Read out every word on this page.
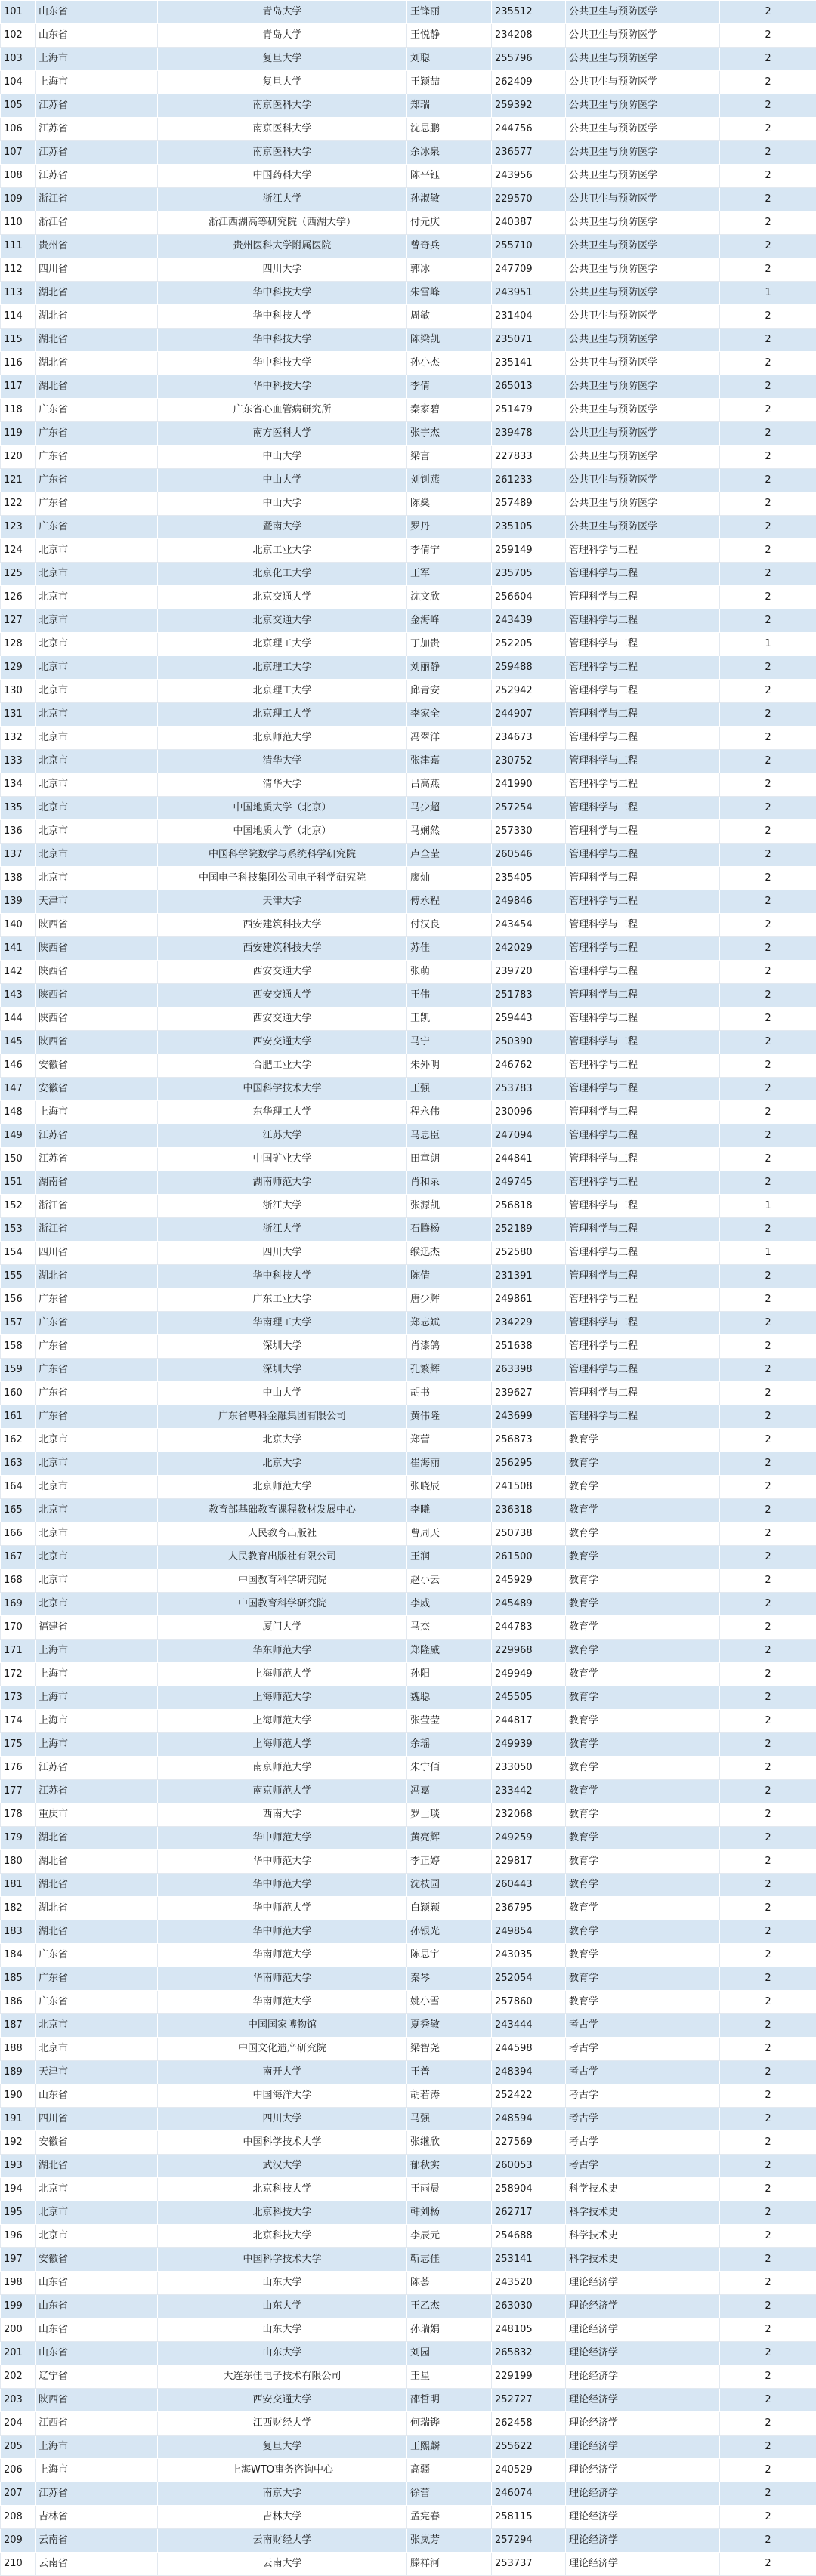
101	山东省	青岛大学	王锋丽	235512	公共卫生与预防医学	2
102	山东省	青岛大学	王悦静	234208	公共卫生与预防医学	2
103	上海市	复旦大学	刘聪	255796	公共卫生与预防医学	2
104	上海市	复旦大学	王颖喆	262409	公共卫生与预防医学	2
105	江苏省	南京医科大学	郑瑞	259392	公共卫生与预防医学	2
106	江苏省	南京医科大学	沈思鹏	244756	公共卫生与预防医学	2
107	江苏省	南京医科大学	余冰泉	236577	公共卫生与预防医学	2
108	江苏省	中国药科大学	陈平钰	243956	公共卫生与预防医学	2
109	浙江省	浙江大学	孙淑敏	229570	公共卫生与预防医学	2
110	浙江省	浙江西湖高等研究院（西湖大学）	付元庆	240387	公共卫生与预防医学	2
111	贵州省	贵州医科大学附属医院	曾奇兵	255710	公共卫生与预防医学	2
112	四川省	四川大学	郭冰	247709	公共卫生与预防医学	2
113	湖北省	华中科技大学	朱雪峰	243951	公共卫生与预防医学	1
114	湖北省	华中科技大学	周敏	231404	公共卫生与预防医学	2
115	湖北省	华中科技大学	陈梁凯	235071	公共卫生与预防医学	2
116	湖北省	华中科技大学	孙小杰	235141	公共卫生与预防医学	2
117	湖北省	华中科技大学	李倩	265013	公共卫生与预防医学	2
118	广东省	广东省心血管病研究所	秦家碧	251479	公共卫生与预防医学	2
119	广东省	南方医科大学	张宇杰	239478	公共卫生与预防医学	2
120	广东省	中山大学	梁言	227833	公共卫生与预防医学	2
121	广东省	中山大学	刘钊燕	261233	公共卫生与预防医学	2
122	广东省	中山大学	陈燊	257489	公共卫生与预防医学	2
123	广东省	暨南大学	罗丹	235105	公共卫生与预防医学	2
124	北京市	北京工业大学	李倩宁	259149	管理科学与工程	2
125	北京市	北京化工大学	王军	235705	管理科学与工程	2
126	北京市	北京交通大学	沈文欣	256604	管理科学与工程	2
127	北京市	北京交通大学	金海峰	243439	管理科学与工程	2
128	北京市	北京理工大学	丁加贵	252205	管理科学与工程	1
129	北京市	北京理工大学	刘丽静	259488	管理科学与工程	2
130	北京市	北京理工大学	邱青安	252942	管理科学与工程	2
131	北京市	北京理工大学	李家全	244907	管理科学与工程	2
132	北京市	北京师范大学	冯翠洋	234673	管理科学与工程	2
133	北京市	清华大学	张津嘉	230752	管理科学与工程	2
134	北京市	清华大学	吕高燕	241990	管理科学与工程	2
135	北京市	中国地质大学（北京）	马少超	257254	管理科学与工程	2
136	北京市	中国地质大学（北京）	马娴然	257330	管理科学与工程	2
137	北京市	中国科学院数学与系统科学研究院	卢全莹	260546	管理科学与工程	2
138	北京市	中国电子科技集团公司电子科学研究院	廖灿	235405	管理科学与工程	2
139	天津市	天津大学	傅永程	249846	管理科学与工程	2
140	陕西省	西安建筑科技大学	付汉良	243454	管理科学与工程	2
141	陕西省	西安建筑科技大学	苏佳	242029	管理科学与工程	2
142	陕西省	西安交通大学	张萌	239720	管理科学与工程	2
143	陕西省	西安交通大学	王伟	251783	管理科学与工程	2
144	陕西省	西安交通大学	王凯	259443	管理科学与工程	2
145	陕西省	西安交通大学	马宁	250390	管理科学与工程	2
146	安徽省	合肥工业大学	朱外明	246762	管理科学与工程	2
147	安徽省	中国科学技术大学	王强	253783	管理科学与工程	2
148	上海市	东华理工大学	程永伟	230096	管理科学与工程	2
149	江苏省	江苏大学	马忠臣	247094	管理科学与工程	2
150	江苏省	中国矿业大学	田章朗	244841	管理科学与工程	2
151	湖南省	湖南师范大学	肖和录	249745	管理科学与工程	2
152	浙江省	浙江大学	张源凯	256818	管理科学与工程	1
153	浙江省	浙江大学	石腾杨	252189	管理科学与工程	2
154	四川省	四川大学	缑迅杰	252580	管理科学与工程	1
155	湖北省	华中科技大学	陈倩	231391	管理科学与工程	2
156	广东省	广东工业大学	唐少辉	249861	管理科学与工程	2
157	广东省	华南理工大学	郑志斌	234229	管理科学与工程	2
158	广东省	深圳大学	肖漆鸽	251638	管理科学与工程	2
159	广东省	深圳大学	孔繁辉	263398	管理科学与工程	2
160	广东省	中山大学	胡书	239627	管理科学与工程	2
161	广东省	广东省粤科金融集团有限公司	黄伟隆	243699	管理科学与工程	2
162	北京市	北京大学	郑蕾	256873	教育学	2
163	北京市	北京大学	崔海丽	256295	教育学	2
164	北京市	北京师范大学	张晓辰	241508	教育学	2
165	北京市	教育部基础教育课程教材发展中心	李曦	236318	教育学	2
166	北京市	人民教育出版社	曹周天	250738	教育学	2
167	北京市	人民教育出版社有限公司	王润	261500	教育学	2
168	北京市	中国教育科学研究院	赵小云	245929	教育学	2
169	北京市	中国教育科学研究院	李威	245489	教育学	2
170	福建省	厦门大学	马杰	244783	教育学	2
171	上海市	华东师范大学	郑隆威	229968	教育学	2
172	上海市	上海师范大学	孙阳	249949	教育学	2
173	上海市	上海师范大学	魏聪	245505	教育学	2
174	上海市	上海师范大学	张莹莹	244817	教育学	2
175	上海市	上海师范大学	余瑶	249939	教育学	2
176	江苏省	南京师范大学	朱宁佰	233050	教育学	2
177	江苏省	南京师范大学	冯嘉	233442	教育学	2
178	重庆市	西南大学	罗士琰	232068	教育学	2
179	湖北省	华中师范大学	黄亮辉	249259	教育学	2
180	湖北省	华中师范大学	李正婷	229817	教育学	2
181	湖北省	华中师范大学	沈枝园	260443	教育学	2
182	湖北省	华中师范大学	白颖颖	236795	教育学	2
183	湖北省	华中师范大学	孙银光	249854	教育学	2
184	广东省	华南师范大学	陈思宇	243035	教育学	2
185	广东省	华南师范大学	秦琴	252054	教育学	2
186	广东省	华南师范大学	姚小雪	257860	教育学	2
187	北京市	中国国家博物馆	夏秀敏	243444	考古学	2
188	北京市	中国文化遗产研究院	梁智尧	244598	考古学	2
189	天津市	南开大学	王普	248394	考古学	2
190	山东省	中国海洋大学	胡若涛	252422	考古学	2
191	四川省	四川大学	马强	248594	考古学	2
192	安徽省	中国科学技术大学	张继欣	227569	考古学	2
193	湖北省	武汉大学	郁秋实	260053	考古学	2
194	北京市	北京科技大学	王雨晨	258904	科学技术史	2
195	北京市	北京科技大学	韩刘杨	262717	科学技术史	2
196	北京市	北京科技大学	李辰元	254688	科学技术史	2
197	安徽省	中国科学技术大学	靳志佳	253141	科学技术史	2
198	山东省	山东大学	陈荟	243520	理论经济学	2
199	山东省	山东大学	王乙杰	263030	理论经济学	2
200	山东省	山东大学	孙瑞娟	248105	理论经济学	2
201	山东省	山东大学	刘园	265832	理论经济学	2
202	辽宁省	大连东佳电子技术有限公司	王星	229199	理论经济学	2
203	陕西省	西安交通大学	邵哲明	252727	理论经济学	2
204	江西省	江西财经大学	何瑞铧	262458	理论经济学	2
205	上海市	复旦大学	王熙麟	255622	理论经济学	2
206	上海市	上海WTO事务咨询中心	高疆	240529	理论经济学	2
207	江苏省	南京大学	徐蕾	246074	理论经济学	2
208	吉林省	吉林大学	孟宪春	258115	理论经济学	2
209	云南省	云南财经大学	张岚芳	257294	理论经济学	2
210	云南省	云南大学	滕祥河	253737	理论经济学	2
